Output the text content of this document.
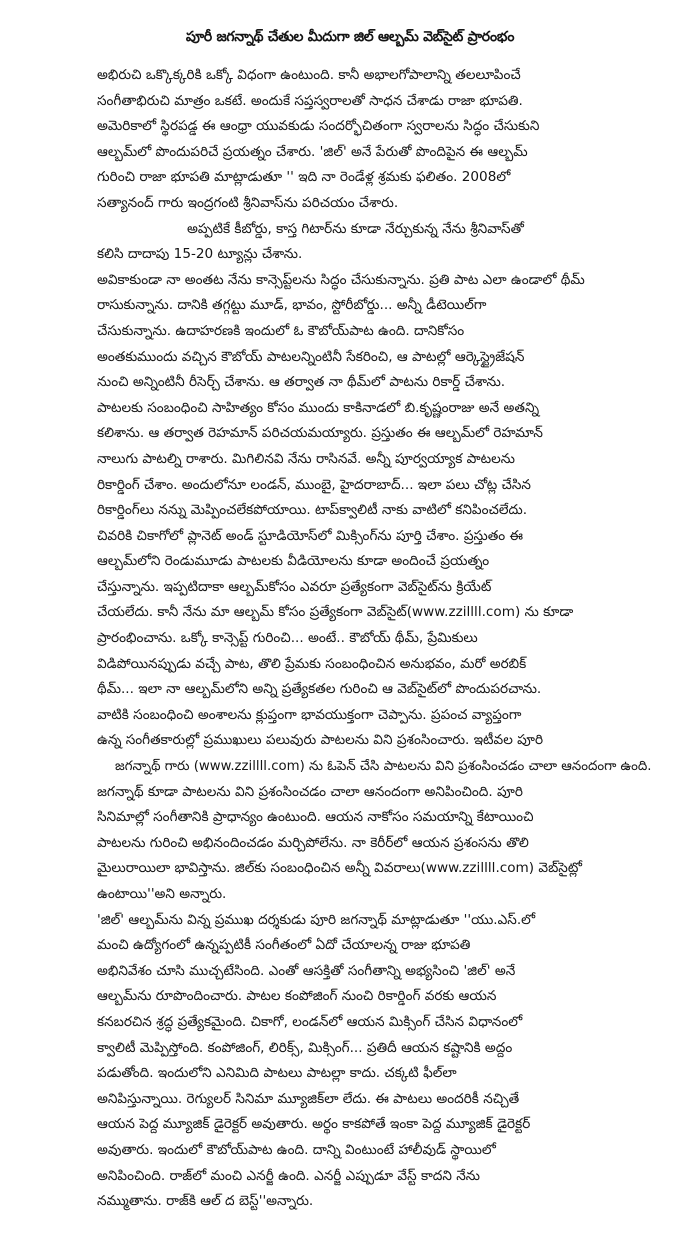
పూరీ జగన్నాథ్ చేతుల మీదుగా జిల్ ఆల్బమ్ వెబ్‌సైట్ ప్రారంభం
అభిరుచి ఒక్కొక్కరికి ఒక్కో విధంగా ఉంటుంది. కానీ అభాలగోపాలాన్ని తలలూపించే
సంగీతాభిరుచి మాత్రం ఒకటే. అందుకే సప్తస్వరాలతో సాధన చేశాడు రాజా భూపతి.
అమెరికాలో స్థిరపడ్డ ఈ ఆంధ్రా యువకుడు సందర్భోచితంగా స్వరాలను సిద్ధం చేసుకుని
ఆల్బమ్‌లో పొందుపరిచే ప్రయత్నం చేశారు. 'జిల్' అనే పేరుతో పొందిపైన ఈ ఆల్బమ్
గురించి రాజా భూపతి మాట్లాడుతూ '' ఇది నా రెండేళ్ల శ్రమకు ఫలితం. 2008లో
సత్యానంద్ గారు ఇంద్రగంటి శ్రీనివాస్‌ను పరిచయం చేశారు.
అప్పటికే కీబోర్డు, కాస్త గిటార్‌ను కూడా నేర్చుకున్న నేను శ్రీనివాస్‌తో
కలిసి దాదాపు 15-20 ట్యూన్లు చేశాను.
అవికాకుండా నా అంతట నేను కాన్సెప్ట్‌లను సిద్ధం చేసుకున్నాను. ప్రతి పాట ఎలా ఉండాలో థీమ్
రాసుకున్నాను. దానికి తగ్గట్టు మూడ్, భావం, స్టోరీబోర్డు... అన్నీ డీటెయిల్‌గా
చేసుకున్నాను. ఉదాహరణకి ఇందులో ఓ కౌబోయ్‌పాట ఉంది. దానికోసం
అంతకుముందు వచ్చిన కౌబోయ్ పాటలన్నింటినీ సేకరించి, ఆ పాటల్లో ఆర్కెస్ట్రైజేషన్
నుంచి అన్నింటినీ రీసెర్చ్ చేశాను. ఆ తర్వాత నా థీమ్‌లో పాటను రికార్డ్ చేశాను.
పాటలకు సంబంధించి సాహిత్యం కోసం ముందు కాకినాడలో బి.కృష్ణంరాజు అనే అతన్ని
కలిశాను. ఆ తర్వాత రెహమాన్ పరిచయమయ్యారు. ప్రస్తుతం ఈ ఆల్బమ్‌లో రెహమాన్
నాలుగు పాటల్ని రాశారు. మిగిలినవి నేను రాసినవే. అన్నీ పూర్వయ్యాక పాటలను
రికార్డింగ్ చేశాం. అందులోనూ లండన్, ముంబై, హైదరాబాద్... ఇలా పలు చోట్ల చేసిన
రికార్డింగ్‌లు నన్ను మెప్పించలేకపోయాయి. టాప్‌క్వాలిటీ నాకు వాటిలో కనిపించలేదు.
చివరికి చికాగోలో ప్లానెట్ అండ్ స్టూడియోస్‌లో మిక్సింగ్‌ను పూర్తి చేశాం. ప్రస్తుతం ఈ
ఆల్బమ్‌లోని రెండుమూడు పాటలకు వీడియోలను కూడా అందించే ప్రయత్నం
చేస్తున్నాను. ఇప్పటిదాకా ఆల్బమ్‌కోసం ఎవరూ ప్రత్యేకంగా వెబ్‌సైట్‌ను క్రియేట్
చేయలేదు. కానీ నేను మా ఆల్బమ్ కోసం ప్రత్యేకంగా వెబ్‌సైట్(www.zzillll.com) ను కూడా
ప్రారంభించాను. ఒక్కో కాన్సెప్ట్ గురించి... అంటే.. కౌబోయ్ థీమ్, ప్రేమికులు
విడిపోయినప్పుడు వచ్చే పాట, తొలి ప్రేమకు సంబంధించిన అనుభవం, మరో అరబిక్
థీమ్... ఇలా నా ఆల్బమ్‌లోని అన్ని ప్రత్యేకతల గురించి ఆ వెబ్‌సైట్‌లో పొందుపరచాను.
వాటికి సంబంధించి అంశాలను క్లుప్తంగా భావయుక్తంగా చెప్పాను. ప్రపంచ వ్యాప్తంగా
ఉన్న సంగీతకారుల్లో ప్రముఖులు పలువురు పాటలను విని ప్రశంసించారు. ఇటీవల పూరి
జగన్నాథ్ గారు (www.zzillll.com) ను ఓపెన్ చేసి పాటలను విని ప్రశంసించడం చాలా ఆనందంగా ఉంది.
జగన్నాథ్ కూడా పాటలను విని ప్రశంసించడం చాలా ఆనందంగా అనిపించింది. పూరి
సినిమాల్లో సంగీతానికి ప్రాధాన్యం ఉంటుంది. ఆయన నాకోసం సమయాన్ని కేటాయించి
పాటలను గురించి అభినందించడం మర్చిపోలేను. నా కెరీర్‌లో ఆయన ప్రశంసను తొలి
మైలురాయిలా భావిస్తాను. జిల్‌కు సంబంధించిన అన్నీ వివరాలు(www.zzillll.com) వెబ్‌సైట్లో
ఉంటాయి''అని అన్నారు.
'జిల్' ఆల్బమ్‌ను విన్న ప్రముఖ దర్శకుడు పూరి జగన్నాథ్ మాట్లాడుతూ ''యు.ఎస్.లో
మంచి ఉద్యోగంలో ఉన్నప్పటికీ సంగీతంలో ఏదో చేయాలన్న రాజు భూపతి
అభినివేశం చూసి ముచ్చటేసింది. ఎంతో ఆసక్తితో సంగీతాన్ని అభ్యసించి 'జిల్' అనే
ఆల్బమ్‌ను రూపొందించారు. పాటల కంపోజింగ్ నుంచి రికార్డింగ్ వరకు ఆయన
కనబరచిన శ్రద్ధ ప్రత్యేకమైంది. చికాగో, లండన్‌లో ఆయన మిక్సింగ్ చేసిన విధానంలో
క్వాలిటీ మెప్పిస్తోంది. కంపోజింగ్, లిరిక్స్, మిక్సింగ్... ప్రతిదీ ఆయన కష్టానికి అద్దం
పడుతోంది. ఇందులోని ఎనిమిది పాటలు పాటల్లా కాదు. చక్కటి ఫీల్‌లా
అనిపిస్తున్నాయి. రెగ్యులర్ సినిమా మ్యూజిక్‌లా లేదు. ఈ పాటలు అందరికీ నచ్చితే
ఆయన పెద్ద మ్యూజిక్ డైరెక్టర్ అవుతారు. అర్థం కాకపోతే ఇంకా పెద్ద మ్యూజిక్ డైరెక్టర్
అవుతారు. ఇందులో కౌబోయ్‌పాట ఉంది. దాన్ని వింటుంటే హాలీవుడ్ స్థాయిలో
అనిపించింది. రాజ్‌లో మంచి ఎనర్జీ ఉంది. ఎనర్జీ ఎప్పుడూ వేస్ట్ కాదని నేను
నమ్ముతాను. రాజ్‌కి ఆల్ ద బెస్ట్''అన్నారు.
